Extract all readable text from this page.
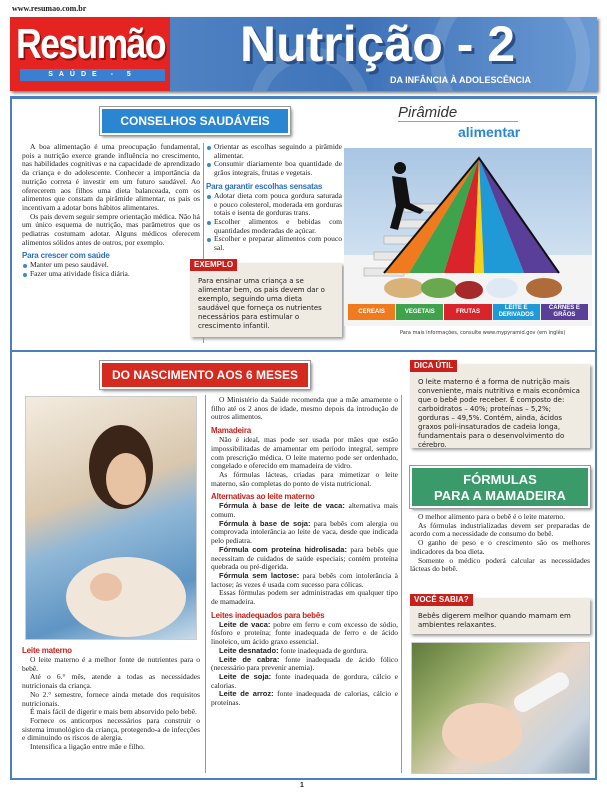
www.resumao.com.br
Resumão
SAÚDE - 5
Nutrição - 2
DA INFÂNCIA À ADOLESCÊNCIA
CONSELHOS SAUDÁVEIS

A boa alimentação é uma preocupação fundamental, pois a nutrição exerce grande influência no crescimento, nas habilidades cognitivas e na capacidade de aprendizado da criança e do adolescente. Conhecer a importância da nutrição correta é investir em um futuro saudável. Ao oferecerem aos filhos uma dieta balanceada, com os alimentos que constam da pirâmide alimentar, os pais os incentivam a adotar bons hábitos alimentares.

Os pais devem seguir sempre orientação médica. Não há um único esquema de nutrição, mas parâmetros que os pediatras costumam adotar. Alguns médicos oferecem alimentos sólidos antes de outros, por exemplo.

Para crescer com saúde
Manter um peso saudável.
Fazer uma atividade física diária.
Orientar as escolhas seguindo a pirâmide alimentar.
Consumir diariamente boa quantidade de grãos integrais, frutas e vegetais.
Para garantir escolhas sensatas
Adotar dieta com pouca gordura saturada e pouco colesterol, moderada em gorduras totais e isenta de gorduras trans.
Escolher alimentos e bebidas com quantidades moderadas de açúcar.
Escolher e preparar alimentos com pouco sal.
EXEMPLO
Para ensinar uma criança a se alimentar bem, os pais devem dar o exemplo, seguindo uma dieta saudável que forneça os nutrientes necessários para estimular o crescimento infantil.
Pirâmide
alimentar
CEREAIS	VEGETAIS	FRUTAS
LEITE E DERIVADOS
CARNES E GRÃOS
Para mais informações, consulte www.mypyramid.gov (em inglês)
DO NASCIMENTO AOS 6 MESES
Leite materno

O leite materno é a melhor fonte de nutrientes para o bebê.

Até o 6.° mês, atende a todas as necessidades nutricionais da criança.

No 2.° semestre, fornece ainda metade dos requisitos nutricionais.

É mais fácil de digerir e mais bem absorvido pelo bebê.

Fornece os anticorpos necessários para construir o sistema imunológico da criança, protegendo-a de infecções e diminuindo os riscos de alergia.

Intensifica a ligação entre mãe e filho.

O Ministério da Saúde recomenda que a mãe amamente o filho até os 2 anos de idade, mesmo depois da introdução de outros alimentos.

Mamadeira

Não é ideal, mas pode ser usada por mães que estão impossibilitadas de amamentar em período integral, sempre com prescrição médica. O leite materno pode ser ordenhado, congelado e oferecido em mamadeira de vidro.

As fórmulas lácteas, criadas para mimetizar o leite materno, são completas do ponto de vista nutricional.

Alternativas ao leite materno

Fórmula à base de leite de vaca: alternativa mais comum.

Fórmula à base de soja: para bebês com alergia ou comprovada intolerância ao leite de vaca, desde que indicada pelo pediatra.

Fórmula com proteína hidrolisada: para bebês que necessitam de cuidados de saúde especiais; contém proteína quebrada ou pré-digerida.

Fórmula sem lactose: para bebês com intolerância à lactose; às vezes é usada com sucesso para cólicas.

Essas fórmulas podem ser administradas em qualquer tipo de mamadeira.

Leites inadequados para bebês

Leite de vaca: pobre em ferro e com excesso de sódio, fósforo e proteína; fonte inadequada de ferro e de ácido linoleico, um ácido graxo essencial.

Leite desnatado: fonte inadequada de gordura.

Leite de cabra: fonte inadequada de ácido fólico (necessário para prevenir anemia).

Leite de soja: fonte inadequada de gordura, cálcio e calorias.

Leite de arroz: fonte inadequada de calorias, cálcio e proteínas.

DICA ÚTIL
O leite materno é a forma de nutrição mais conveniente, mais nutritiva e mais econômica que o bebê pode receber. É composto de: carboidratos – 40%; proteínas – 5,2%; gorduras – 49,5%. Contém, ainda, ácidos graxos poli-insaturados de cadeia longa, fundamentais para o desenvolvimento do cérebro.
FÓRMULAS
PARA A MAMADEIRA

O melhor alimento para o bebê é o leite materno.

As fórmulas industrializadas devem ser preparadas de acordo com a necessidade de consumo do bebê.

O ganho de peso e o crescimento são os melhores indicadores da boa dieta.

Somente o médico poderá calcular as necessidades lácteas do bebê.

VOCÊ SABIA?
Bebês digerem melhor quando mamam em ambientes relaxantes.
1
